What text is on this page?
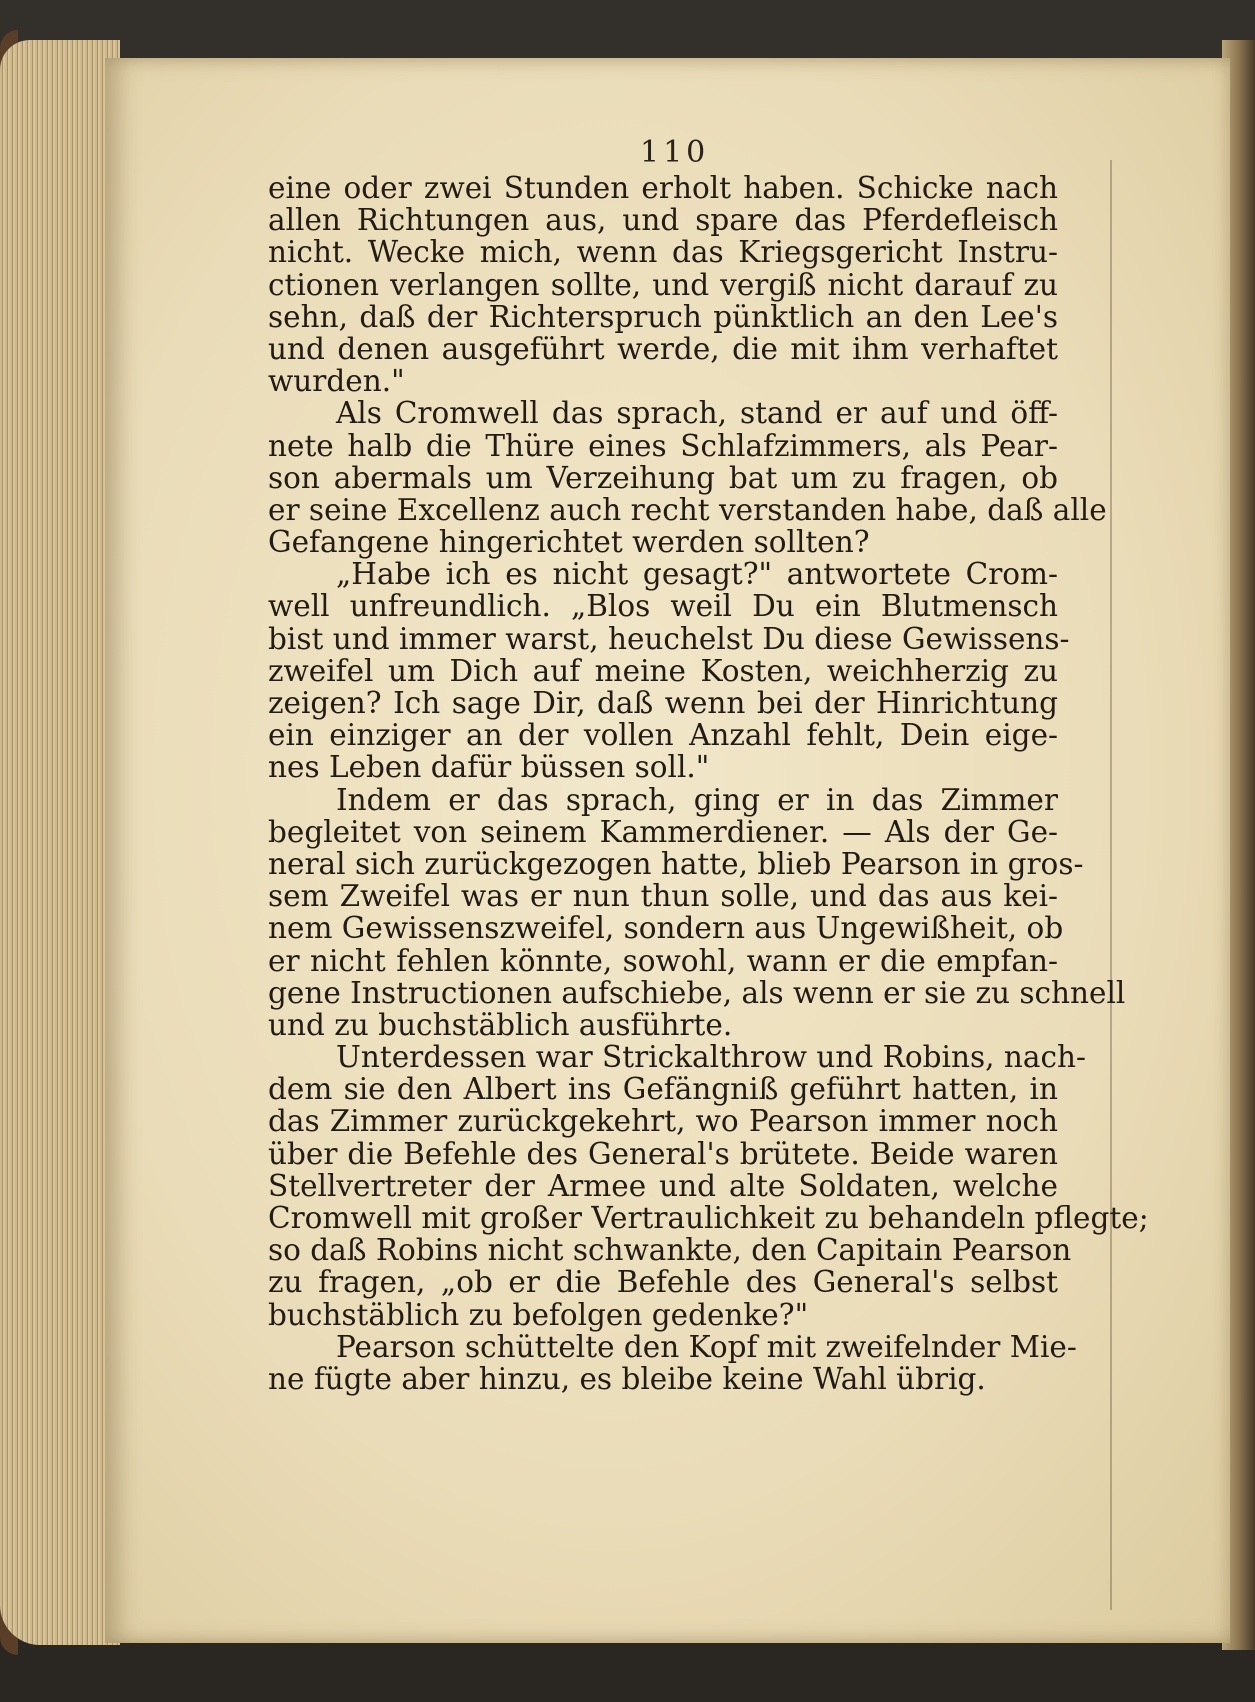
110
eine oder zwei Stunden erholt haben. Schicke nach
allen Richtungen aus, und spare das Pferdefleisch
nicht. Wecke mich, wenn das Kriegsgericht Instru-
ctionen verlangen sollte, und vergiß nicht darauf zu
sehn, daß der Richterspruch pünktlich an den Lee's
und denen ausgeführt werde, die mit ihm verhaftet
wurden."
Als Cromwell das sprach, stand er auf und öff-
nete halb die Thüre eines Schlafzimmers, als Pear-
son abermals um Verzeihung bat um zu fragen, ob
er seine Excellenz auch recht verstanden habe, daß alle
Gefangene hingerichtet werden sollten?
„Habe ich es nicht gesagt?" antwortete Crom-
well unfreundlich. „Blos weil Du ein Blutmensch
bist und immer warst, heuchelst Du diese Gewissens-
zweifel um Dich auf meine Kosten, weichherzig zu
zeigen? Ich sage Dir, daß wenn bei der Hinrichtung
ein einziger an der vollen Anzahl fehlt, Dein eige-
nes Leben dafür büssen soll."
Indem er das sprach, ging er in das Zimmer
begleitet von seinem Kammerdiener. — Als der Ge-
neral sich zurückgezogen hatte, blieb Pearson in gros-
sem Zweifel was er nun thun solle, und das aus kei-
nem Gewissenszweifel, sondern aus Ungewißheit, ob
er nicht fehlen könnte, sowohl, wann er die empfan-
gene Instructionen aufschiebe, als wenn er sie zu schnell
und zu buchstäblich ausführte.
Unterdessen war Strickalthrow und Robins, nach-
dem sie den Albert ins Gefängniß geführt hatten, in
das Zimmer zurückgekehrt, wo Pearson immer noch
über die Befehle des General's brütete. Beide waren
Stellvertreter der Armee und alte Soldaten, welche
Cromwell mit großer Vertraulichkeit zu behandeln pflegte;
so daß Robins nicht schwankte, den Capitain Pearson
zu fragen, „ob er die Befehle des General's selbst
buchstäblich zu befolgen gedenke?"
Pearson schüttelte den Kopf mit zweifelnder Mie-
ne fügte aber hinzu, es bleibe keine Wahl übrig.
